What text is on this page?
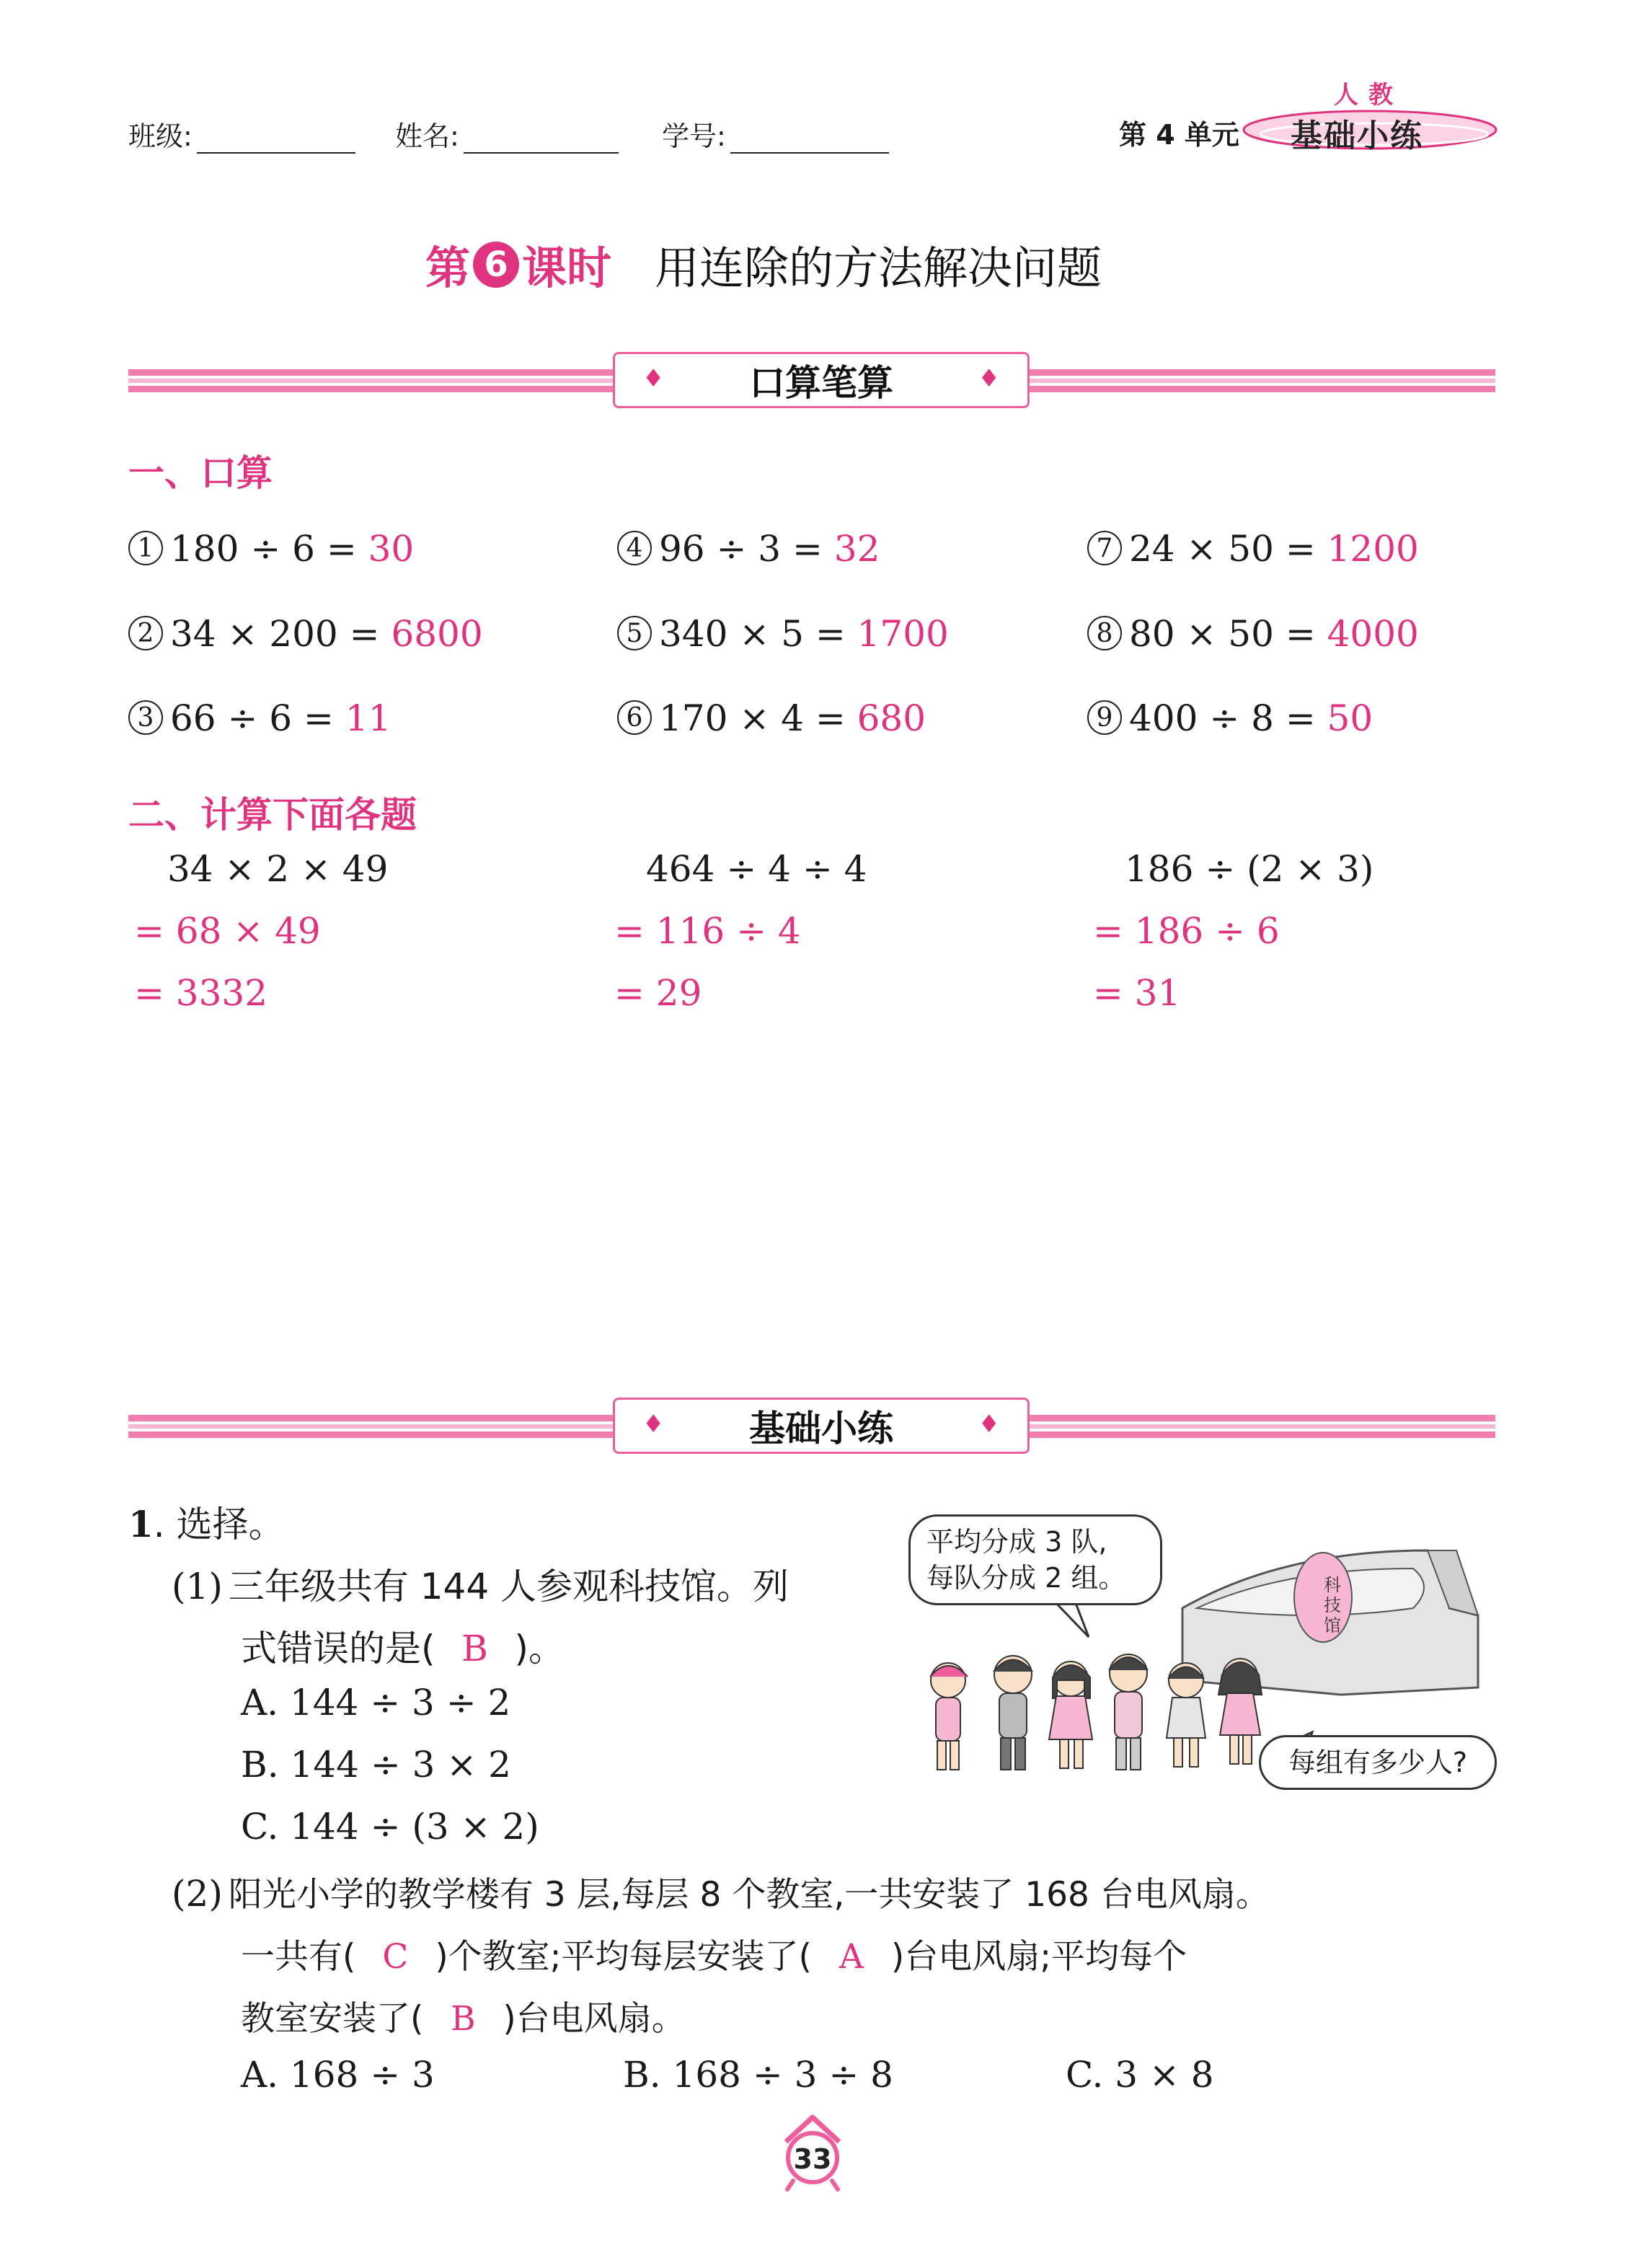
班级:	姓名:	学号:	第 4 单元
人教
基础小练
第 6 课时 用连除的方法解决问题
♦ 口算笔算	♦
一、口算
1 180 ÷ 6 = 30	4 96 ÷ 3 = 32	7 24 × 50 = 1200
2 34 × 200 = 6800	5 340 × 5 = 1700	8 80 × 50 = 4000
3 66 ÷ 6 = 11	6 170 × 4 = 680	9 400 ÷ 8 = 50
二、计算下面各题
34 × 2 × 49
= 68 × 49
= 3332
464 ÷ 4 ÷ 4
= 116 ÷ 4
= 29
186 ÷ (2 × 3)
= 186 ÷ 6
= 31
♦ 基础小练	♦
1. 选择。
(1) 三年级共有 144 人参观科技馆。列
式错误的是( B )。
A. 144 ÷ 3 ÷ 2
B. 144 ÷ 3 × 2
C. 144 ÷ (3 × 2)
科
技
馆
平均分成 3 队,
每队分成 2 组。
每组有多少人?
(2) 阳光小学的教学楼有 3 层,每层 8 个教室,一共安装了 168 台电风扇。
一共有( C )个教室;平均每层安装了( A )台电风扇;平均每个
教室安装了( B )台电风扇。
A. 168 ÷ 3	B. 168 ÷ 3 ÷ 8	C. 3 × 8
33
